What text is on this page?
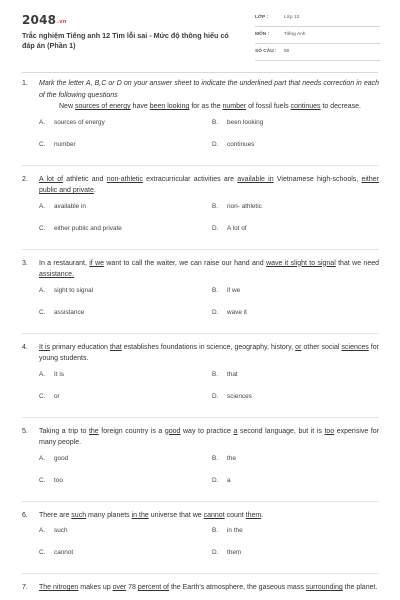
2048.vn
Trắc nghiệm Tiếng anh 12 Tìm lỗi sai - Mức độ thông hiểu có đáp án (Phần 1)
LỚP :	Lớp 12
MÔN :	Tiếng Anh
SỐ CÂU : 50
1. Mark the letter A, B,C or D on your answer sheet to indicate the underlined part that needs correction in each of the following questions
New sources of energy have been looking for as the number of fossil fuels continues to decrease.
A. sources of energy	B. been looking
C. number	D. continues
2. A lot of athletic and non-athletic extracurricular activities are available in Vietnamese high-schools, either public and private.
A. available in	B. non- athletic
C. either public and private	D. A lot of
3. In a restaurant, if we want to call the waiter, we can raise our hand and wave it slight to signal that we need assistance.
A. sight to signal	B. if we
C. assistance	D. wave it
4. It is primary education that establishes foundations in science, geography, history, or other social sciences for young students.
A. It is	B. that
C. or	D. sciences
5. Taking a trip to the foreign country is a good way to practice a second language, but it is too expensive for many people.
A. good	B. the
C. too	D. a
6. There are such many planets in the universe that we cannot count them.
A. such	B. in the
C. cannot	D. them
7. The nitrogen makes up over 78 percent of the Earth's atmosphere, the gaseous mass surrounding the planet.
